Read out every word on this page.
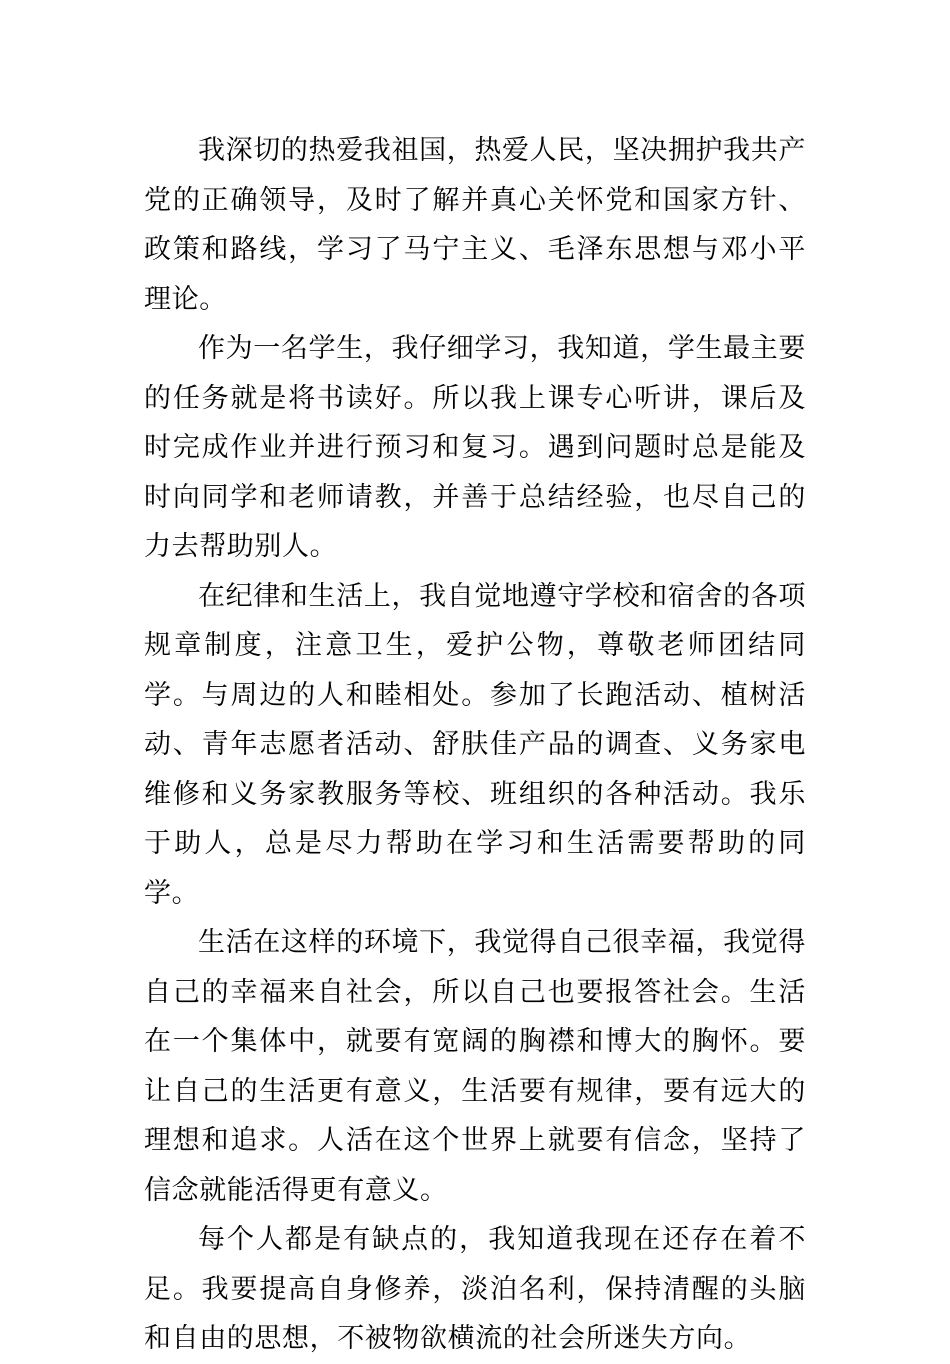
我深切的热爱我祖国，热爱人民，坚决拥护我共产党的正确领导，及时了解并真心关怀党和国家方针、政策和路线，学习了马宁主义、毛泽东思想与邓小平理论。

作为一名学生，我仔细学习，我知道，学生最主要的任务就是将书读好。所以我上课专心听讲，课后及时完成作业并进行预习和复习。遇到问题时总是能及时向同学和老师请教，并善于总结经验，也尽自己的力去帮助别人。

在纪律和生活上，我自觉地遵守学校和宿舍的各项规章制度，注意卫生，爱护公物，尊敬老师团结同学。与周边的人和睦相处。参加了长跑活动、植树活动、青年志愿者活动、舒肤佳产品的调查、义务家电维修和义务家教服务等校、班组织的各种活动。我乐于助人，总是尽力帮助在学习和生活需要帮助的同学。

生活在这样的环境下，我觉得自己很幸福，我觉得自己的幸福来自社会，所以自己也要报答社会。生活在一个集体中，就要有宽阔的胸襟和博大的胸怀。要让自己的生活更有意义，生活要有规律，要有远大的理想和追求。人活在这个世界上就要有信念，坚持了信念就能活得更有意义。

每个人都是有缺点的，我知道我现在还存在着不足。我要提高自身修养，淡泊名利，保持清醒的头脑和自由的思想，不被物欲横流的社会所迷失方向。
